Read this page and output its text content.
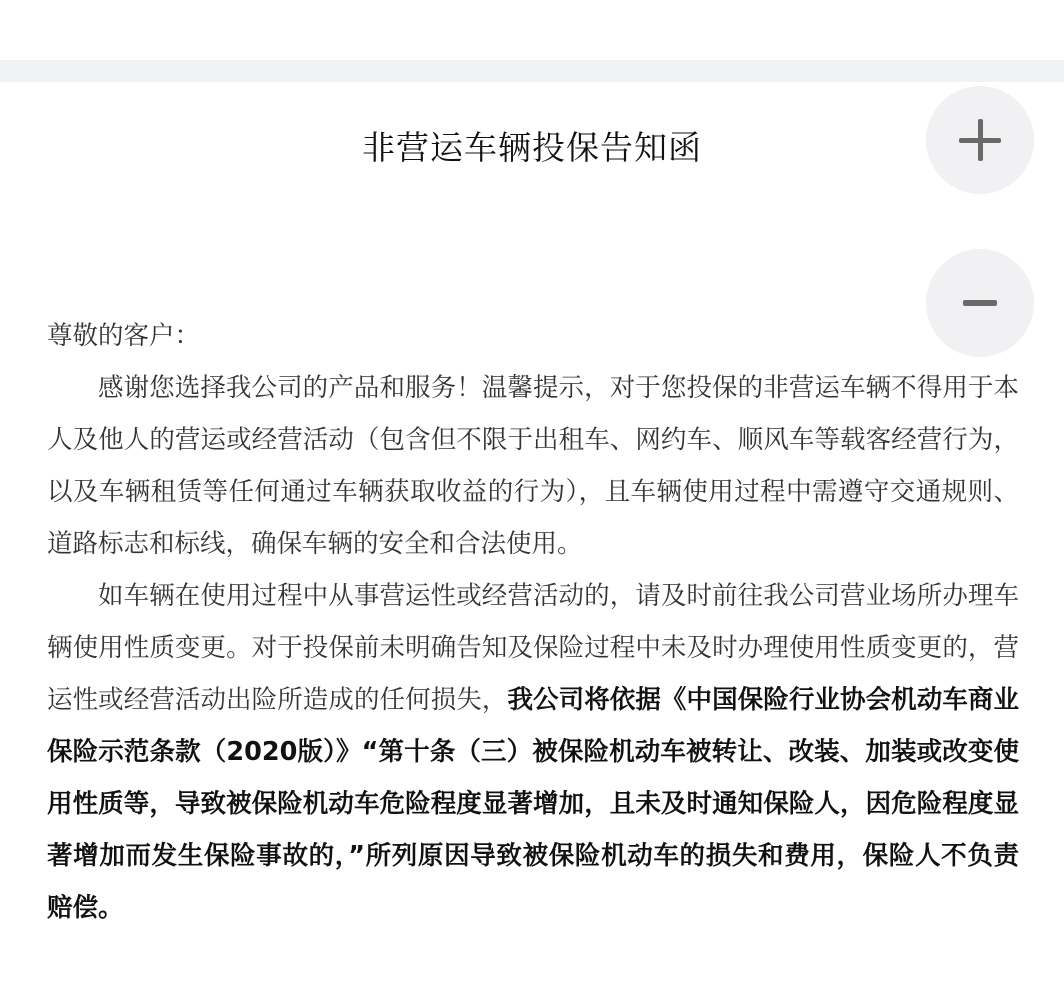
非营运车辆投保告知函

尊敬的客户：

感谢您选择我公司的产品和服务！温馨提示，对于您投保的非营运车辆不得用于本人及他人的营运或经营活动（包含但不限于出租车、网约车、顺风车等载客经营行为，以及车辆租赁等任何通过车辆获取收益的行为），且车辆使用过程中需遵守交通规则、道路标志和标线，确保车辆的安全和合法使用。

如车辆在使用过程中从事营运性或经营活动的，请及时前往我公司营业场所办理车辆使用性质变更。对于投保前未明确告知及保险过程中未及时办理使用性质变更的，营运性或经营活动出险所造成的任何损失，我公司将依据《中国保险行业协会机动车商业保险示范条款（2020版）》“第十条（三）被保险机动车被转让、改装、加装或改变使用性质等，导致被保险机动车危险程度显著增加，且未及时通知保险人，因危险程度显著增加而发生保险事故的，”所列原因导致被保险机动车的损失和费用，保险人不负责赔偿。
